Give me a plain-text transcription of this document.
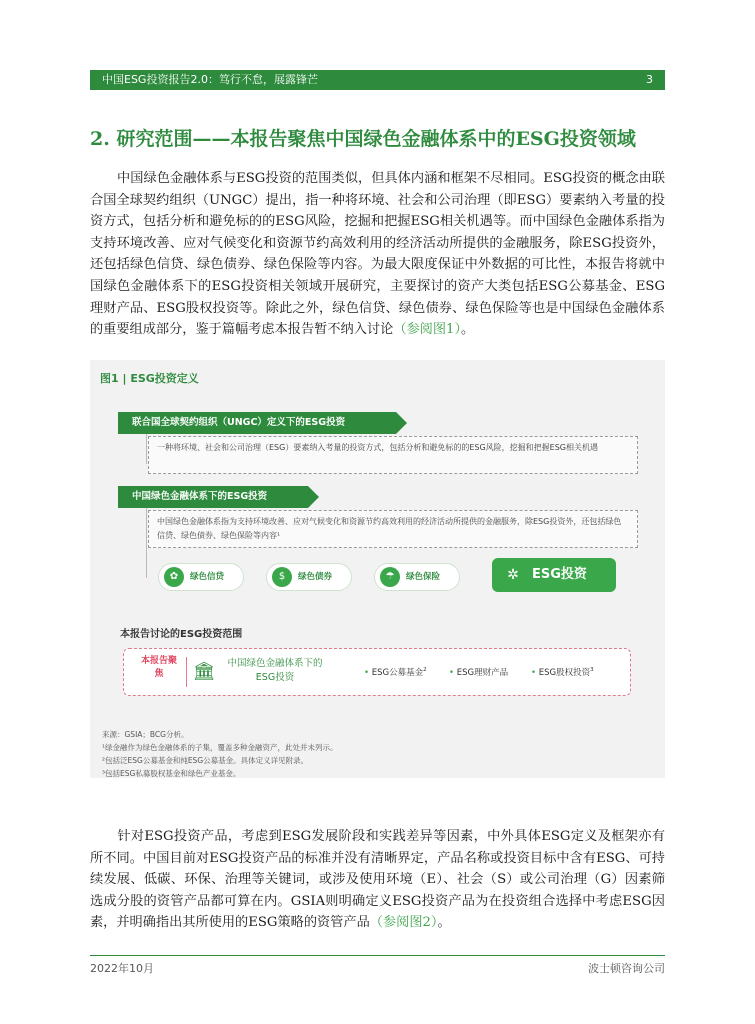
中国ESG投资报告2.0：笃行不怠，展露锋芒	3
2. 研究范围——本报告聚焦中国绿色金融体系中的ESG投资领域

中国绿色金融体系与ESG投资的范围类似，但具体内涵和框架不尽相同。ESG投资的概念由联合国全球契约组织（UNGC）提出，指一种将环境、社会和公司治理（即ESG）要素纳入考量的投资方式，包括分析和避免标的的ESG风险，挖掘和把握ESG相关机遇等。而中国绿色金融体系指为支持环境改善、应对气候变化和资源节约高效利用的经济活动所提供的金融服务，除ESG投资外，还包括绿色信贷、绿色债券、绿色保险等内容。为最大限度保证中外数据的可比性，本报告将就中国绿色金融体系下的ESG投资相关领域开展研究，主要探讨的资产大类包括ESG公募基金、ESG理财产品、ESG股权投资等。除此之外，绿色信贷、绿色债券、绿色保险等也是中国绿色金融体系的重要组成部分，鉴于篇幅考虑本报告暂不纳入讨论（参阅图1）。

图1 | ESG投资定义
联合国全球契约组织（UNGC）定义下的ESG投资
一种将环境、社会和公司治理（ESG）要素纳入考量的投资方式，包括分析和避免标的的ESG风险，挖掘和把握ESG相关机遇
中国绿色金融体系下的ESG投资
中国绿色金融体系指为支持环境改善、应对气候变化和资源节约高效利用的经济活动所提供的金融服务，除ESG投资外，还包括绿色信贷、绿色债券、绿色保险等内容¹
✿	绿色信贷	$	绿色债券	☂	绿色保险	✲	ESG投资
本报告讨论的ESG投资范围
本报告聚焦	🏛	中国绿色金融体系下的ESG投资	• ESG公募基金$^2$	• ESG理财产品	• ESG股权投资$^3$
来源：GSIA；BCG分析。
¹绿金融作为绿色金融体系的子集，覆盖多种金融资产，此处并未列示。
²包括泛ESG公募基金和纯ESG公募基金。具体定义详见附录。
³包括ESG私募股权基金和绿色产业基金。

针对ESG投资产品，考虑到ESG发展阶段和实践差异等因素，中外具体ESG定义及框架亦有所不同。中国目前对ESG投资产品的标准并没有清晰界定，产品名称或投资目标中含有ESG、可持续发展、低碳、环保、治理等关键词，或涉及使用环境（E）、社会（S）或公司治理（G）因素筛选成分股的资管产品都可算在内。GSIA则明确定义ESG投资产品为在投资组合选择中考虑ESG因素，并明确指出其所使用的ESG策略的资管产品（参阅图2）。

2022年10月	波士顿咨询公司
